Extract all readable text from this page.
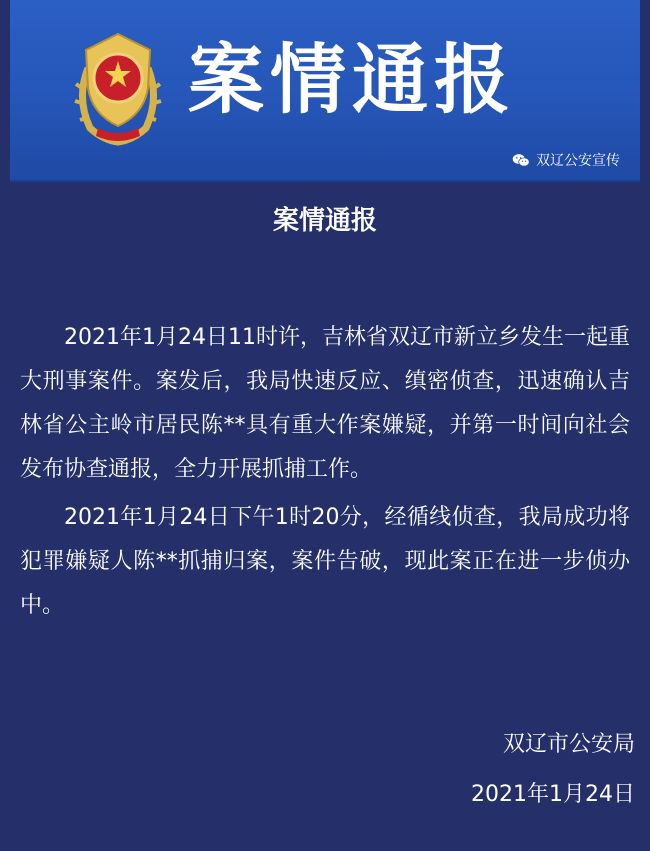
案情通报
双辽公安宣传
案情通报

2021年1月24日11时许，吉林省双辽市新立乡发生一起重大刑事案件。案发后，我局快速反应、缜密侦查，迅速确认吉林省公主岭市居民陈**具有重大作案嫌疑，并第一时间向社会发布协查通报，全力开展抓捕工作。

2021年1月24日下午1时20分，经循线侦查，我局成功将犯罪嫌疑人陈**抓捕归案，案件告破，现此案正在进一步侦办中。

双辽市公安局
2021年1月24日
